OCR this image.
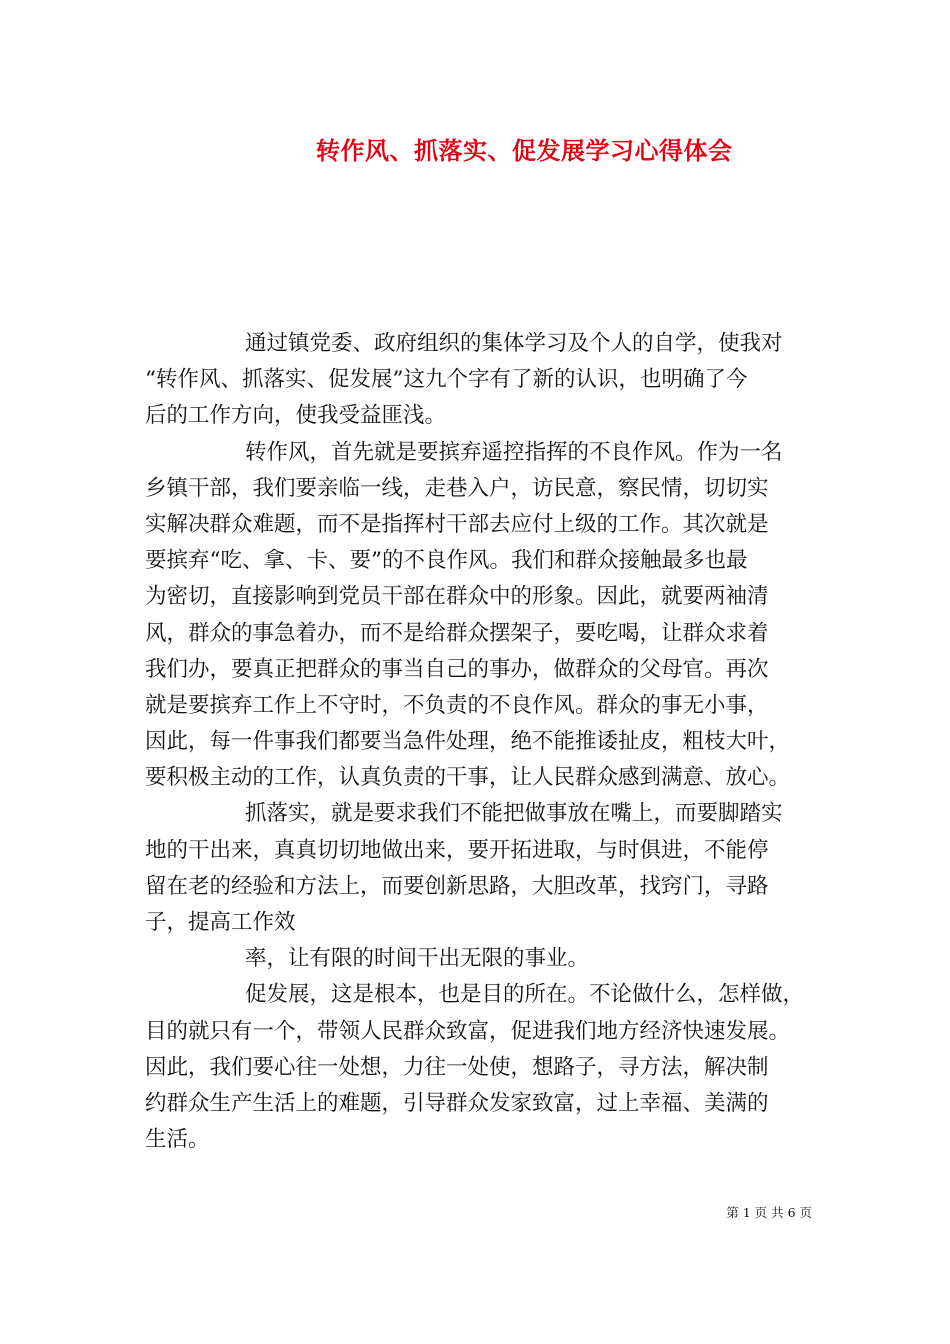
转作风、抓落实、促发展学习心得体会
通过镇党委、政府组织的集体学习及个人的自学，使我对
“转作风、抓落实、促发展”这九个字有了新的认识，也明确了今
后的工作方向，使我受益匪浅。
转作风，首先就是要摈弃遥控指挥的不良作风。作为一名
乡镇干部，我们要亲临一线，走巷入户，访民意，察民情，切切实
实解决群众难题，而不是指挥村干部去应付上级的工作。其次就是
要摈弃“吃、拿、卡、要”的不良作风。我们和群众接触最多也最
为密切，直接影响到党员干部在群众中的形象。因此，就要两袖清
风，群众的事急着办，而不是给群众摆架子，要吃喝，让群众求着
我们办，要真正把群众的事当自己的事办，做群众的父母官。再次
就是要摈弃工作上不守时，不负责的不良作风。群众的事无小事，
因此，每一件事我们都要当急件处理，绝不能推诿扯皮，粗枝大叶，
要积极主动的工作，认真负责的干事，让人民群众感到满意、放心。
抓落实，就是要求我们不能把做事放在嘴上，而要脚踏实
地的干出来，真真切切地做出来，要开拓进取，与时俱进，不能停
留在老的经验和方法上，而要创新思路，大胆改革，找窍门，寻路
子，提高工作效
率，让有限的时间干出无限的事业。
促发展，这是根本，也是目的所在。不论做什么，怎样做，
目的就只有一个，带领人民群众致富，促进我们地方经济快速发展。
因此，我们要心往一处想，力往一处使，想路子，寻方法，解决制
约群众生产生活上的难题，引导群众发家致富，过上幸福、美满的
生活。
第 1 页 共 6 页
